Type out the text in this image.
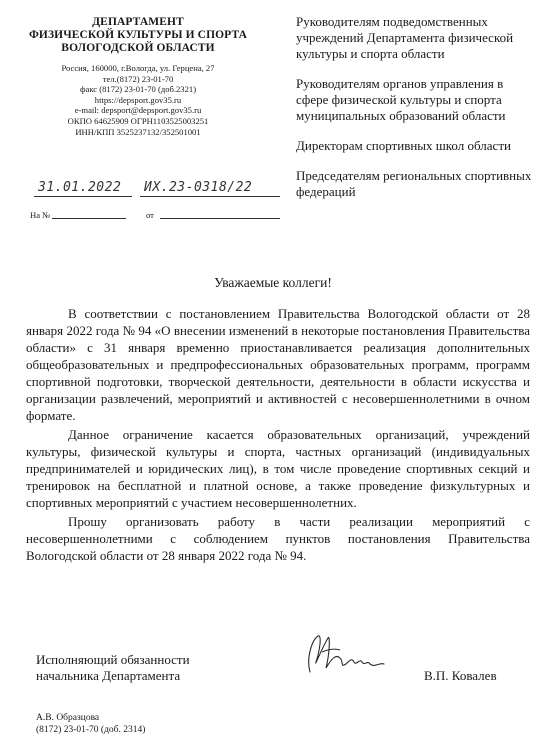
ДЕПАРТАМЕНТ
ФИЗИЧЕСКОЙ КУЛЬТУРЫ И СПОРТА
ВОЛОГОДСКОЙ ОБЛАСТИ
Россия, 160000, г.Вологда, ул. Герцена, 27
тел.(8172) 23-01-70
факс (8172) 23-01-70 (доб.2321)
https://depsport.gov35.ru
e-mail: depsport@depsport.gov35.ru
ОКПО 64625909 ОГРН1103525003251
ИНН/КПП 3525237132/352501001
Руководителям подведомственных учреждений Департамента физической культуры и спорта области
Руководителям органов управления в сфере физической культуры и спорта муниципальных образований области
Директорам спортивных школ области
Председателям региональных спортивных федераций
31.01.2022 ИХ.23-0318/22
На №	от
Уважаемые коллеги!

В соответствии с постановлением Правительства Вологодской области от 28 января 2022 года № 94 «О внесении изменений в некоторые постановления Правительства области» с 31 января временно приостанавливается реализация дополнительных общеобразовательных и предпрофессиональных образовательных программ, программ спортивной подготовки, творческой деятельности, деятельности в области искусства и организации развлечений, мероприятий и активностей с несовершеннолетними в очном формате.

Данное ограничение касается образовательных организаций, учреждений культуры, физической культуры и спорта, частных организаций (индивидуальных предпринимателей и юридических лиц), в том числе проведение спортивных секций и тренировок на бесплатной и платной основе, а также проведение физкультурных и спортивных мероприятий с участием несовершеннолетних.

Прошу организовать работу в части реализации мероприятий с несовершеннолетними с соблюдением пунктов постановления Правительства Вологодской области от 28 января 2022 года № 94.

Исполняющий обязанности
начальника Департамента	В.П. Ковалев
А.В. Образцова
(8172) 23-01-70 (доб. 2314)
